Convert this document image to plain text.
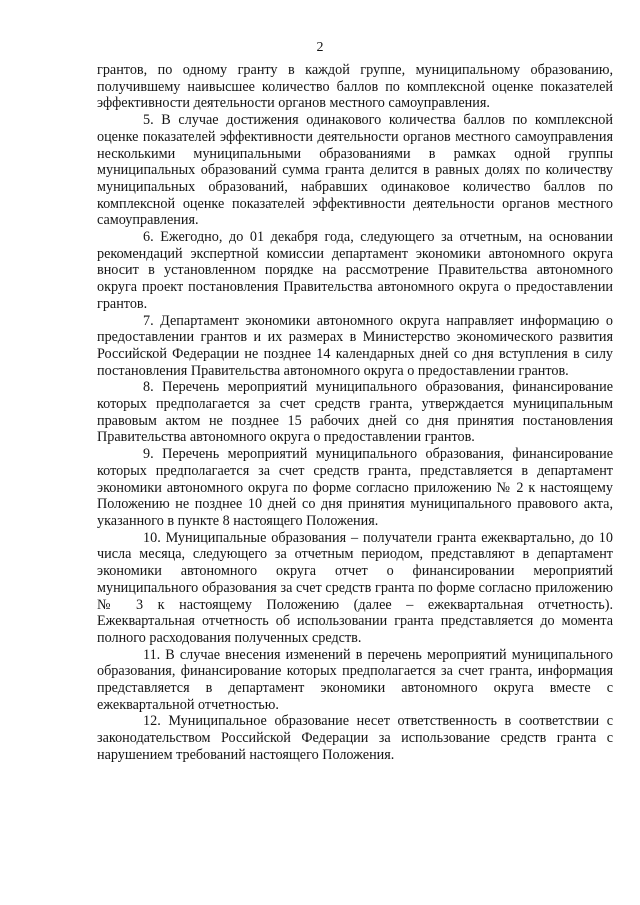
2

грантов, по одному гранту в каждой группе, муниципальному образованию, получившему наивысшее количество баллов по комплексной оценке показателей эффективности деятельности органов местного самоуправления.

5. В случае достижения одинакового количества баллов по комплексной оценке показателей эффективности деятельности органов местного самоуправления несколькими муниципальными образованиями в рамках одной группы муниципальных образований сумма гранта делится в равных долях по количеству муниципальных образований, набравших одинаковое количество баллов по комплексной оценке показателей эффективности деятельности органов местного самоуправления.

6. Ежегодно, до 01 декабря года, следующего за отчетным, на основании рекомендаций экспертной комиссии департамент экономики автономного округа вносит в установленном порядке на рассмотрение Правительства автономного округа проект постановления Правительства автономного округа о предоставлении грантов.

7. Департамент экономики автономного округа направляет информацию о предоставлении грантов и их размерах в Министерство экономического развития Российской Федерации не позднее 14 календарных дней со дня вступления в силу постановления Правительства автономного округа о предоставлении грантов.

8. Перечень мероприятий муниципального образования, финансирование которых предполагается за счет средств гранта, утверждается муниципальным правовым актом не позднее 15 рабочих дней со дня принятия постановления Правительства автономного округа о предоставлении грантов.

9. Перечень мероприятий муниципального образования, финансирование которых предполагается за счет средств гранта, представляется в департамент экономики автономного округа по форме согласно приложению № 2 к настоящему Положению не позднее 10 дней со дня принятия муниципального правового акта, указанного в пункте 8 настоящего Положения.

10. Муниципальные образования – получатели гранта ежеквартально, до 10 числа месяца, следующего за отчетным периодом, представляют в департамент экономики автономного округа отчет о финансировании мероприятий муниципального образования за счет средств гранта по форме согласно приложению № 3 к настоящему Положению (далее – ежеквартальная отчетность). Ежеквартальная отчетность об использовании гранта представляется до момента полного расходования полученных средств.

11. В случае внесения изменений в перечень мероприятий муниципального образования, финансирование которых предполагается за счет гранта, информация представляется в департамент экономики автономного округа вместе с ежеквартальной отчетностью.

12. Муниципальное образование несет ответственность в соответствии с законодательством Российской Федерации за использование средств гранта с нарушением требований настоящего Положения.
